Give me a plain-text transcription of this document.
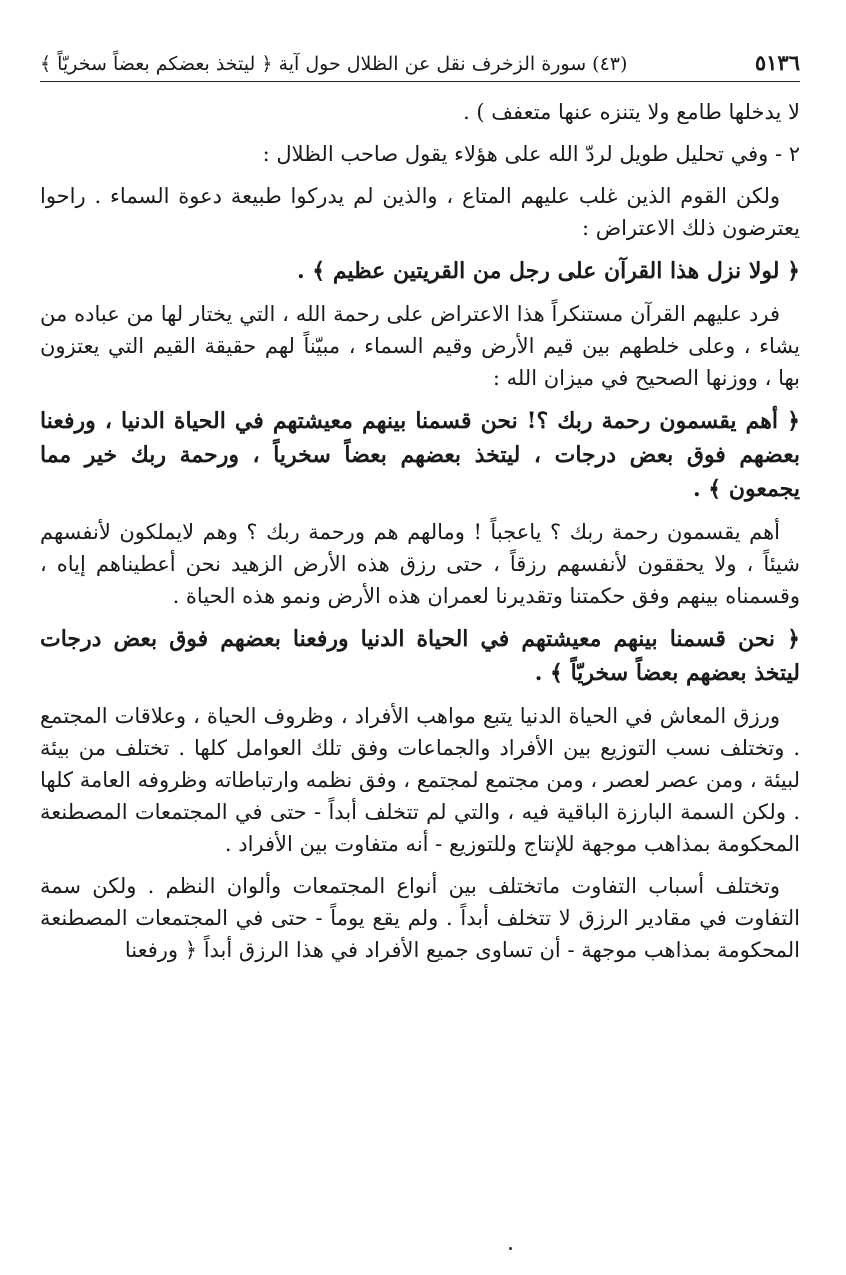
٥١٣٦
(٤٣) سورة الزخرف نقل عن الظلال حول آية ﴿ ليتخذ بعضكم بعضاً سخريّاً ﴾

لا يدخلها طامع ولا يتنزه عنها متعفف ) .

٢ - وفي تحليل طويل لردّ الله على هؤلاء يقول صاحب الظلال :

ولكن القوم الذين غلب عليهم المتاع ، والذين لم يدركوا طبيعة دعوة السماء . راحوا يعترضون ذلك الاعتراض :

﴿ لولا نزل هذا القرآن على رجل من القريتين عظيم ﴾ .

فرد عليهم القرآن مستنكراً هذا الاعتراض على رحمة الله ، التي يختار لها من عباده من يشاء ، وعلى خلطهم بين قيم الأرض وقيم السماء ، مبيّناً لهم حقيقة القيم التي يعتزون بها ، ووزنها الصحيح في ميزان الله :

﴿ أهم يقسمون رحمة ربك ؟! نحن قسمنا بينهم معيشتهم في الحياة الدنيا ، ورفعنا بعضهم فوق بعض درجات ، ليتخذ بعضهم بعضاً سخرياً ، ورحمة ربك خير مما يجمعون ﴾ .

أهم يقسمون رحمة ربك ؟ ياعجباً ! ومالهم هم ورحمة ربك ؟ وهم لايملكون لأنفسهم شيئاً ، ولا يحققون لأنفسهم رزقاً ، حتى رزق هذه الأرض الزهيد نحن أعطيناهم إياه ، وقسمناه بينهم وفق حكمتنا وتقديرنا لعمران هذه الأرض ونمو هذه الحياة .

﴿ نحن قسمنا بينهم معيشتهم في الحياة الدنيا ورفعنا بعضهم فوق بعض درجات ليتخذ بعضهم بعضاً سخريّاً ﴾ .

ورزق المعاش في الحياة الدنيا يتبع مواهب الأفراد ، وظروف الحياة ، وعلاقات المجتمع . وتختلف نسب التوزيع بين الأفراد والجماعات وفق تلك العوامل كلها . تختلف من بيئة لبيئة ، ومن عصر لعصر ، ومن مجتمع لمجتمع ، وفق نظمه وارتباطاته وظروفه العامة كلها . ولكن السمة البارزة الباقية فيه ، والتي لم تتخلف أبداً - حتى في المجتمعات المصطنعة المحكومة بمذاهب موجهة للإنتاج وللتوزيع - أنه متفاوت بين الأفراد .

وتختلف أسباب التفاوت ماتختلف بين أنواع المجتمعات وألوان النظم . ولكن سمة التفاوت في مقادير الرزق لا تتخلف أبداً . ولم يقع يوماً - حتى في المجتمعات المصطنعة المحكومة بمذاهب موجهة - أن تساوى جميع الأفراد في هذا الرزق أبداً ﴿ ورفعنا
